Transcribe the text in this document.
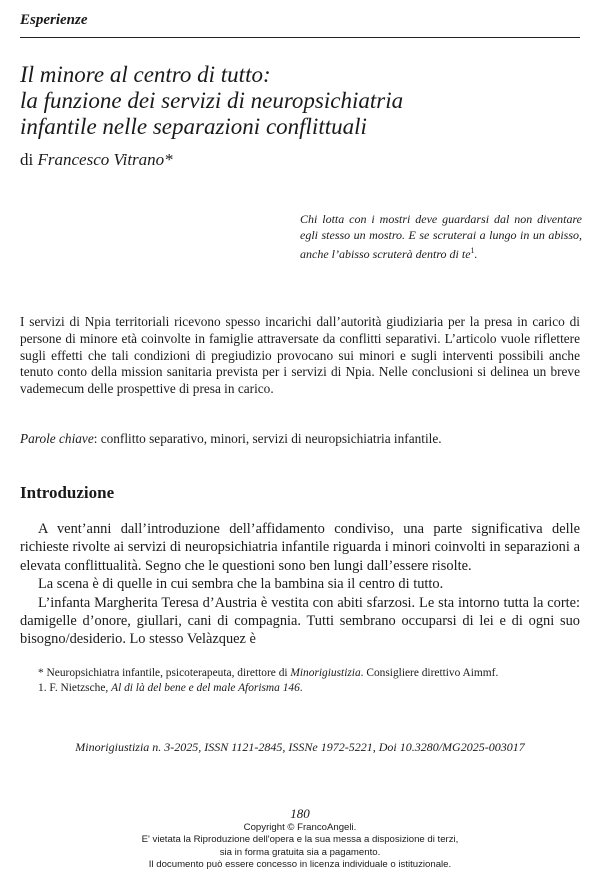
Esperienze
Il minore al centro di tutto:
la funzione dei servizi di neuropsichiatria
infantile nelle separazioni conflittuali
di Francesco Vitrano*
Chi lotta con i mostri deve guardarsi dal non diventare egli stesso un mostro. E se scruterai a lungo in un abisso, anche l’abisso scruterà dentro di $te^1$.

I servizi di Npia territoriali ricevono spesso incarichi dall’autorità giudiziaria per la presa in carico di persone di minore età coinvolte in famiglie attraversate da conflitti separativi. L’articolo vuole riflettere sugli effetti che tali condizioni di pregiudizio provocano sui minori e sugli interventi possibili anche tenuto conto della mission sanitaria prevista per i servizi di Npia. Nelle conclusioni si delinea un breve vademecum delle prospettive di presa in carico.

Parole chiave: conflitto separativo, minori, servizi di neuropsichiatria infantile.

Introduzione

A vent’anni dall’introduzione dell’affidamento condiviso, una parte significativa delle richieste rivolte ai servizi di neuropsichiatria infantile riguarda i minori coinvolti in separazioni a elevata conflittualità. Segno che le questioni sono ben lungi dall’essere risolte.

La scena è di quelle in cui sembra che la bambina sia il centro di tutto.

L’infanta Margherita Teresa d’Austria è vestita con abiti sfarzosi. Le sta intorno tutta la corte: damigelle d’onore, giullari, cani di compagnia. Tutti sembrano occuparsi di lei e di ogni suo bisogno/desiderio. Lo stesso Velàzquez è

* Neuropsichiatra infantile, psicoterapeuta, direttore di Minorigiustizia. Consigliere direttivo Aimmf.

1. F. Nietzsche, Al di là del bene e del male Aforisma 146.

Minorigiustizia n. 3-2025, ISSN 1121-2845, ISSNe 1972-5221, Doi 10.3280/MG2025-003017
180
Copyright © FrancoAngeli.
E' vietata la Riproduzione dell'opera e la sua messa a disposizione di terzi,
sia in forma gratuita sia a pagamento.
Il documento può essere concesso in licenza individuale o istituzionale.
